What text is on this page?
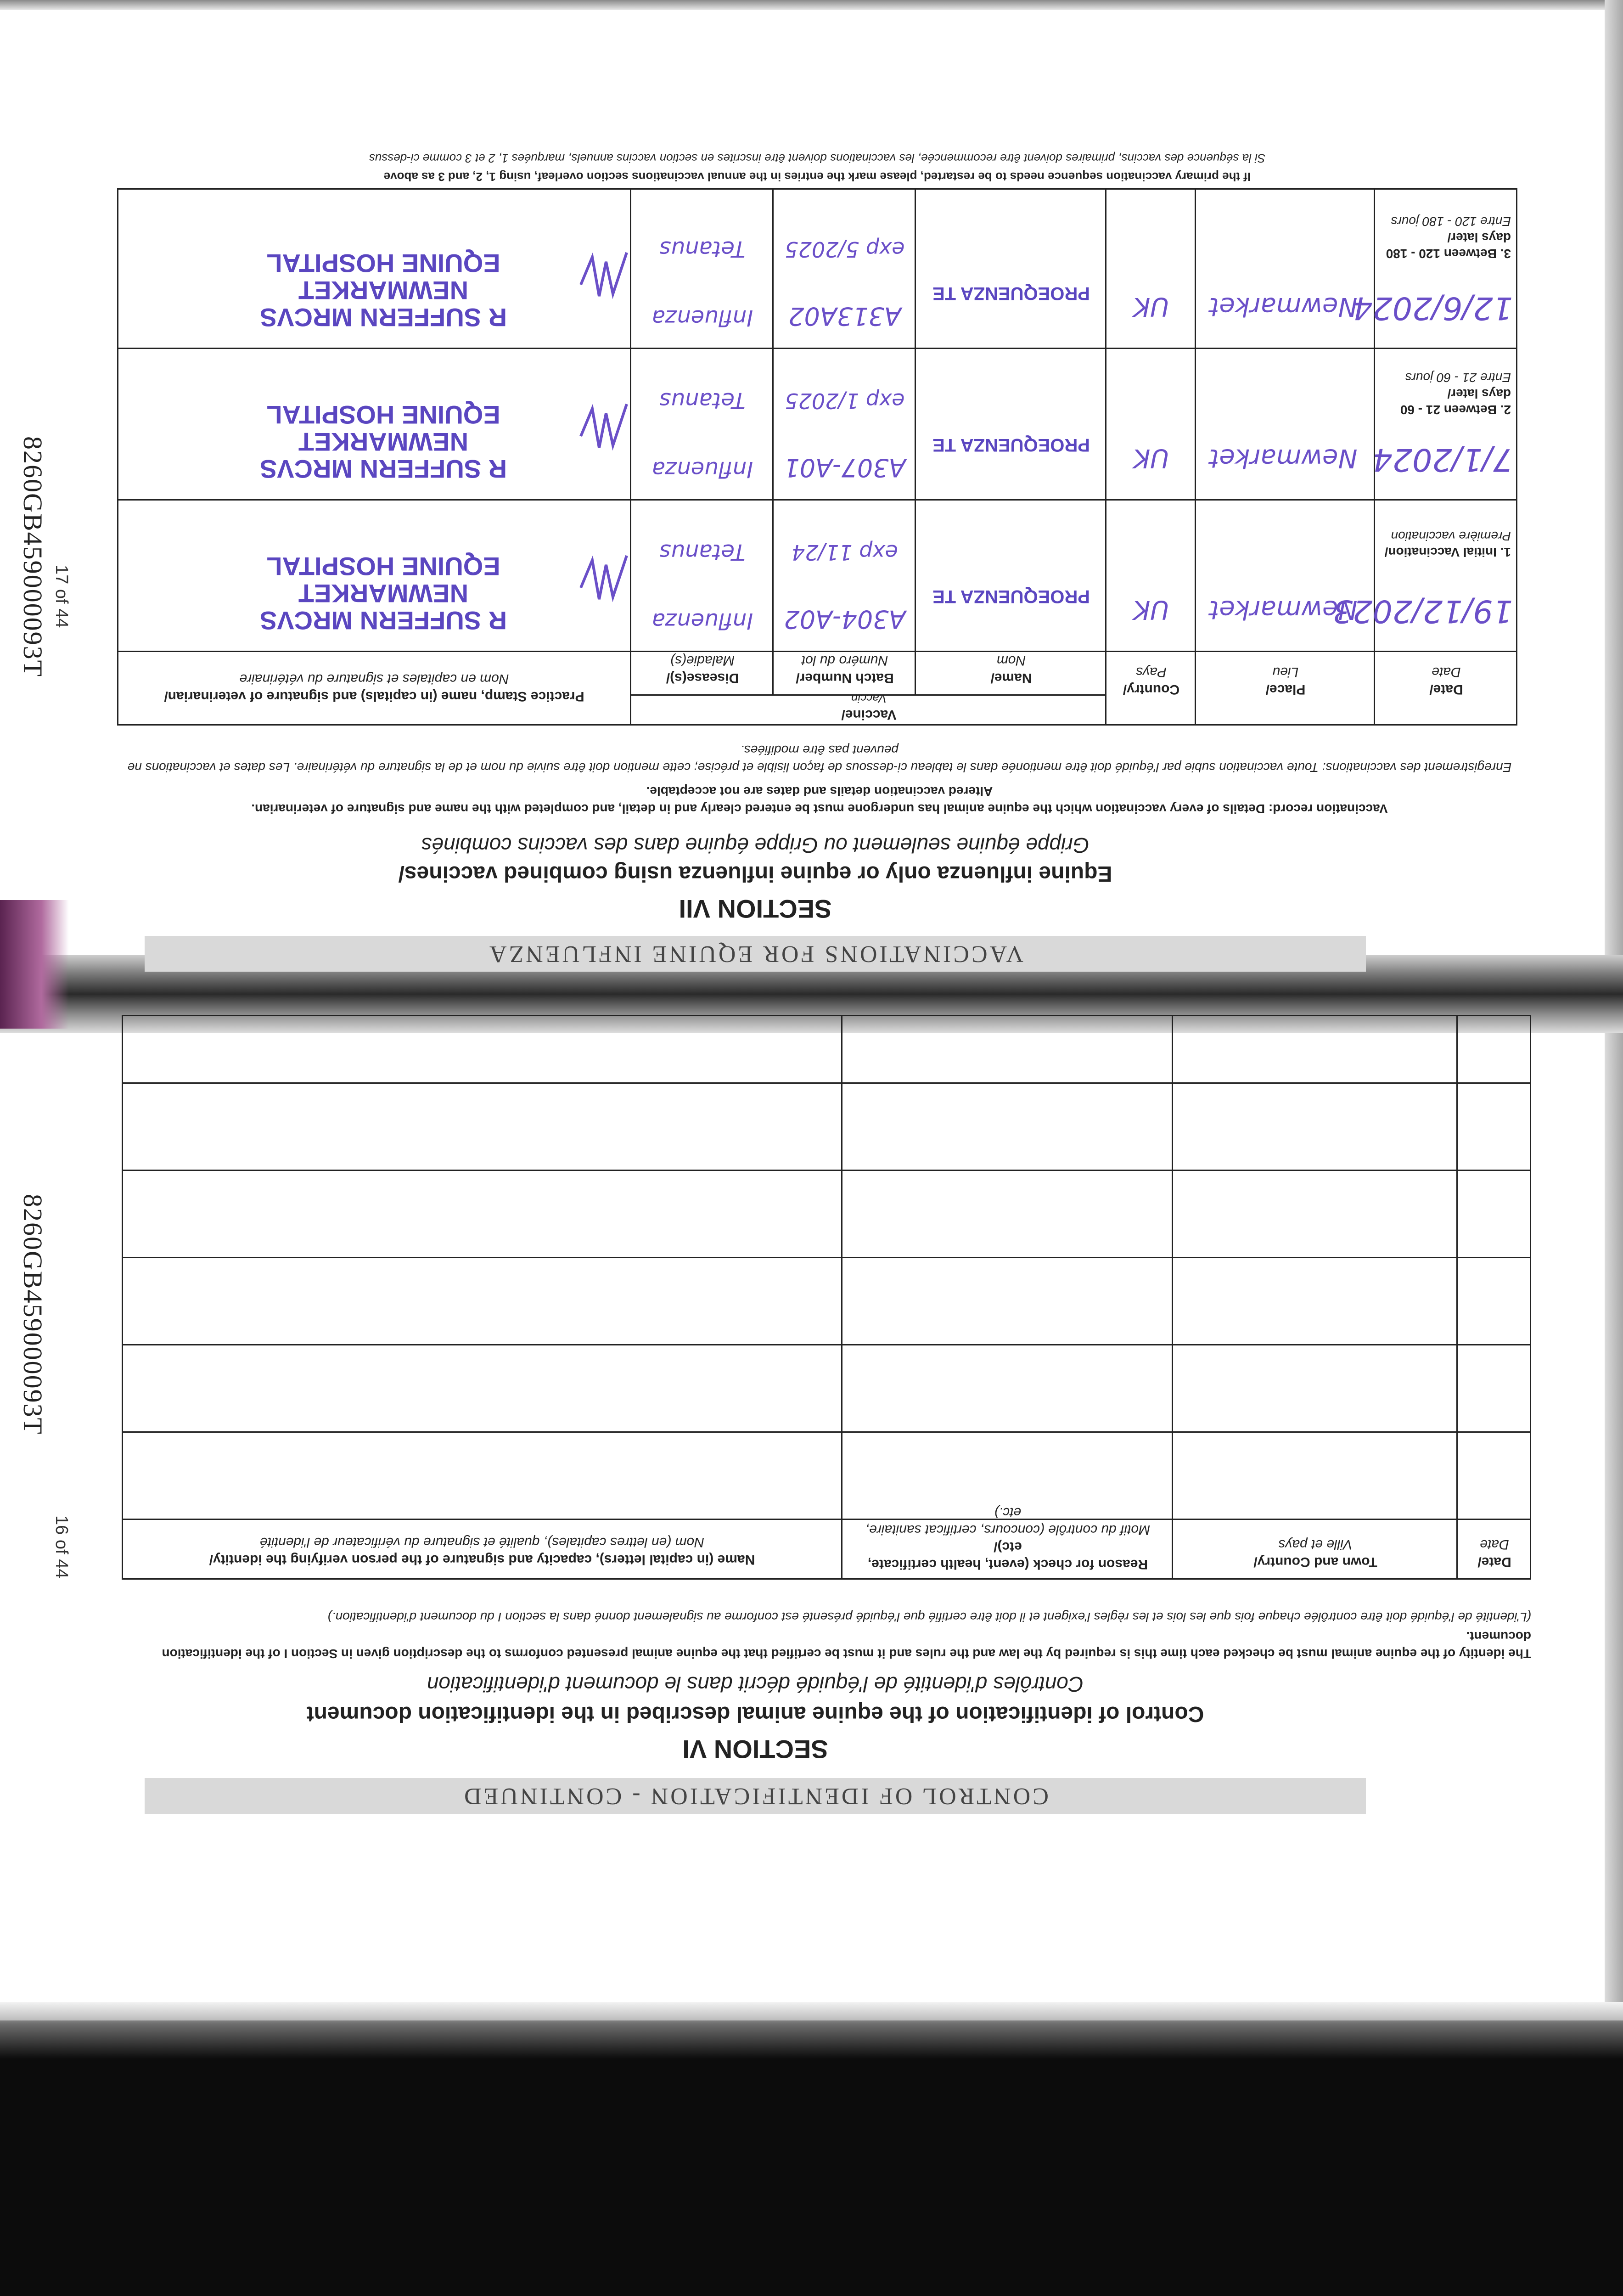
CONTROL OF IDENTIFICATION - CONTINUED
SECTION VI
Control of identification of the equine animal described in the identification document
Contrôles d'identité de l'équidé décrit dans le document d'identification
The identity of the equine animal must be checked each time this is required by the law and the rules and it must be certified that the equine animal presented conforms to the description given in Section I of the identification document.
(L'identité de l'équidé doit être contrôlée chaque fois que les lois et les règles l'exigent et il doit être certifié que l'équidé présenté est conforme au signalement donné dans la section I du document d'identification.)
Date/
Date
Town and Country/
Ville et pays
Reason for check (event, health certificate, etc)/
Motif du contrôle (concours, certificat sanitaire, etc.)
Name (in capital letters), capacity and signature of the person verifying the identity/
Nom (en lettres capitales), qualité et signature du vérificateur de l'identité
16 of 44
8260GB459000093T
VACCINATIONS FOR EQUINE INFLUENZA
SECTION VII
Equine influenza only or equine influenza using combined vaccines/
Grippe équine seulement ou Grippe équine dans des vaccins combinés
Vaccination record: Details of every vaccination which the equine animal has undergone must be entered clearly and in detail, and completed with the name and signature of veterinarian.
Altered vaccination details and dates are not acceptable.
Enregistrement des vaccinations: Toute vaccination subie par l'équidé doit être mentionée dans le tableau ci-dessous de façon lisible et précise; cette mention doit être suivie du nom et de la signature du vétérinaire. Les dates et vaccinations ne peuvent pas être modifiées.
Date/
Date
Place/
Lieu
Country/
Pays
Vaccine/
Vaccin
Name/
Nom
Batch Number/
Numéro du lot
Disease(s)/
Maladie(s)
Practice Stamp, name (in capitals) and signature of veterinarian/
Nom en capitales et signature du vétérinaire
1. Initial Vaccination/
Première vaccination
19/12/2023
Newmarket
UK
PROEQUENZA TE
A304-A02
exp 11/24
Influenza
Tetanus
R SUFFERN MRCVS
NEWMARKET
EQUINE HOSPITAL
2. Between 21 - 60
days later/
Entre 21 - 60 jours
7/1/2024
Newmarket
UK
PROEQUENZA TE
A307-A01
exp 1/2025
Influenza
Tetanus
R SUFFERN MRCVS
NEWMARKET
EQUINE HOSPITAL
3. Between 120 - 180
days later/
Entre 120 - 180 jours
12/6/2024
Newmarket
UK
PROEQUENZA TE
A313A02
exp 5/2025
Influenza
Tetanus
R SUFFERN MRCVS
NEWMARKET
EQUINE HOSPITAL
If the primary vaccination sequence needs to be restarted, please mark the entries in the annual vaccinations section overleaf, using 1, 2, and 3 as above
Si la séquence des vaccins, primaires doivent être recommencée, les vaccinations doivent être inscrites en section vaccins annuels, marquées 1, 2 et 3 comme ci-dessus
17 of 44
8260GB459000093T
